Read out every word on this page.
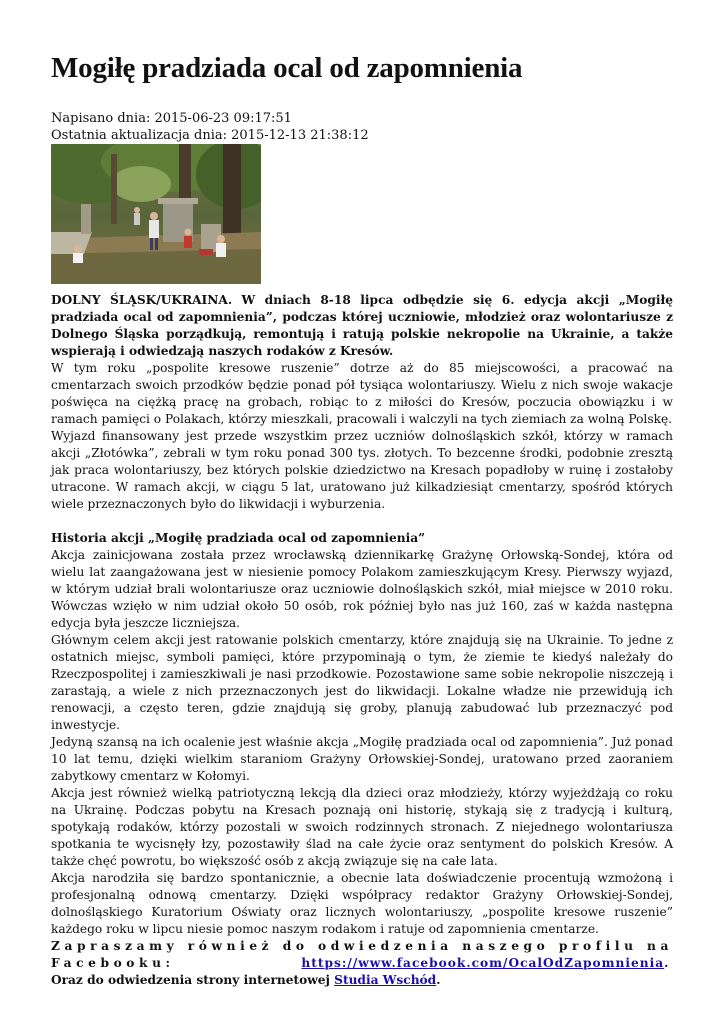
Mogiłę pradziada ocal od zapomnienia
Napisano dnia: 2015-06-23 09:17:51
Ostatnia aktualizacja dnia: 2015-12-13 21:38:12

DOLNY ŚLĄSK/UKRAINA. W dniach 8-18 lipca odbędzie się 6. edycja akcji „Mogiłę pradziada ocal od zapomnienia”, podczas której uczniowie, młodzież oraz wolontariusze z Dolnego Śląska porządkują, remontują i ratują polskie nekropolie na Ukrainie, a także wspierają i odwiedzają naszych rodaków z Kresów.

W tym roku „pospolite kresowe ruszenie” dotrze aż do 85 miejscowości, a pracować na cmentarzach swoich przodków będzie ponad pół tysiąca wolontariuszy. Wielu z nich swoje wakacje poświęca na ciężką pracę na grobach, robiąc to z miłości do Kresów, poczucia obowiązku i w ramach pamięci o Polakach, którzy mieszkali, pracowali i walczyli na tych ziemiach za wolną Polskę.

Wyjazd finansowany jest przede wszystkim przez uczniów dolnośląskich szkół, którzy w ramach akcji „Złotówka”, zebrali w tym roku ponad 300 tys. złotych. To bezcenne środki, podobnie zresztą jak praca wolontariuszy, bez których polskie dziedzictwo na Kresach popadłoby w ruinę i zostałoby utracone. W ramach akcji, w ciągu 5 lat, uratowano już kilkadziesiąt cmentarzy, spośród których wiele przeznaczonych było do likwidacji i wyburzenia.

Historia akcji „Mogiłę pradziada ocal od zapomnienia”

Akcja zainicjowana została przez wrocławską dziennikarkę Grażynę Orłowską-Sondej, która od wielu lat zaangażowana jest w niesienie pomocy Polakom zamieszkującym Kresy. Pierwszy wyjazd, w którym udział brali wolontariusze oraz uczniowie dolnośląskich szkół, miał miejsce w 2010 roku. Wówczas wzięło w nim udział około 50 osób, rok później było nas już 160, zaś w każda następna edycja była jeszcze liczniejsza.

Głównym celem akcji jest ratowanie polskich cmentarzy, które znajdują się na Ukrainie. To jedne z ostatnich miejsc, symboli pamięci, które przypominają o tym, że ziemie te kiedyś należały do Rzeczpospolitej i zamieszkiwali je nasi przodkowie. Pozostawione same sobie nekropolie niszczeją i zarastają, a wiele z nich przeznaczonych jest do likwidacji. Lokalne władze nie przewidują ich renowacji, a często teren, gdzie znajdują się groby, planują zabudować lub przeznaczyć pod inwestycje.

Jedyną szansą na ich ocalenie jest właśnie akcja „Mogiłę pradziada ocal od zapomnienia”. Już ponad 10 lat temu, dzięki wielkim staraniom Grażyny Orłowskiej-Sondej, uratowano przed zaoraniem zabytkowy cmentarz w Kołomyi.

Akcja jest również wielką patriotyczną lekcją dla dzieci oraz młodzieży, którzy wyjeżdżają co roku na Ukrainę. Podczas pobytu na Kresach poznają oni historię, stykają się z tradycją i kulturą, spotykają rodaków, którzy pozostali w swoich rodzinnych stronach. Z niejednego wolontariusza spotkania te wycisnęły łzy, pozostawiły ślad na całe życie oraz sentyment do polskich Kresów. A także chęć powrotu, bo większość osób z akcją związuje się na całe lata.

Akcja narodziła się bardzo spontanicznie, a obecnie lata doświadczenie procentują wzmożoną i profesjonalną odnową cmentarzy. Dzięki współpracy redaktor Grażyny Orłowskiej-Sondej, dolnośląskiego Kuratorium Oświaty oraz licznych wolontariuszy, „pospolite kresowe ruszenie” każdego roku w lipcu niesie pomoc naszym rodakom i ratuje od zapomnienia cmentarze.

Zapraszamy również do odwiedzenia naszego profilu na Facebooku:	https://www.facebook.com/OcalOdZapomnienia.

Oraz do odwiedzenia strony internetowej Studia Wschód.
